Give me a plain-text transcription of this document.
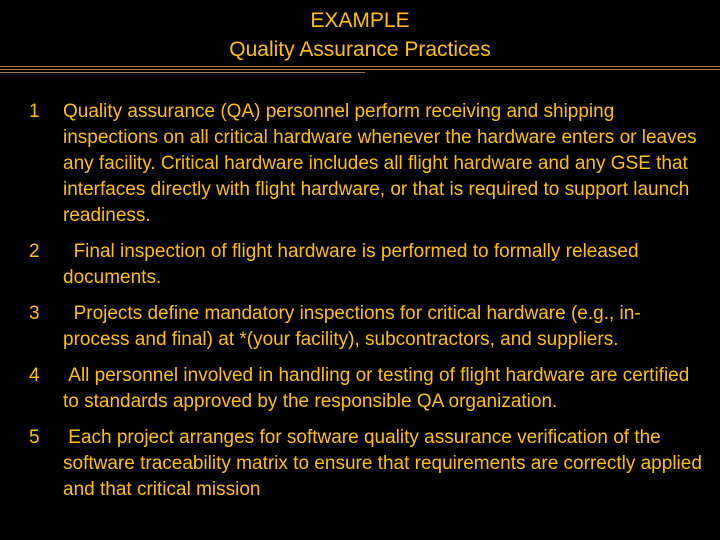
EXAMPLE
Quality Assurance Practices
1 Quality assurance (QA) personnel perform receiving and shipping inspections on all critical hardware whenever the hardware enters or leaves any facility. Critical hardware includes all flight hardware and any GSE that interfaces directly with flight hardware, or that is required to support launch readiness.
2 Final inspection of flight hardware is performed to formally released documents.
3 Projects define mandatory inspections for critical hardware (e.g., in-process and final) at *(your facility), subcontractors, and suppliers.
4 All personnel involved in handling or testing of flight hardware are certified to standards approved by the responsible QA organization.
5 Each project arranges for software quality assurance verification of the software traceability matrix to ensure that requirements are correctly applied and that critical mission
